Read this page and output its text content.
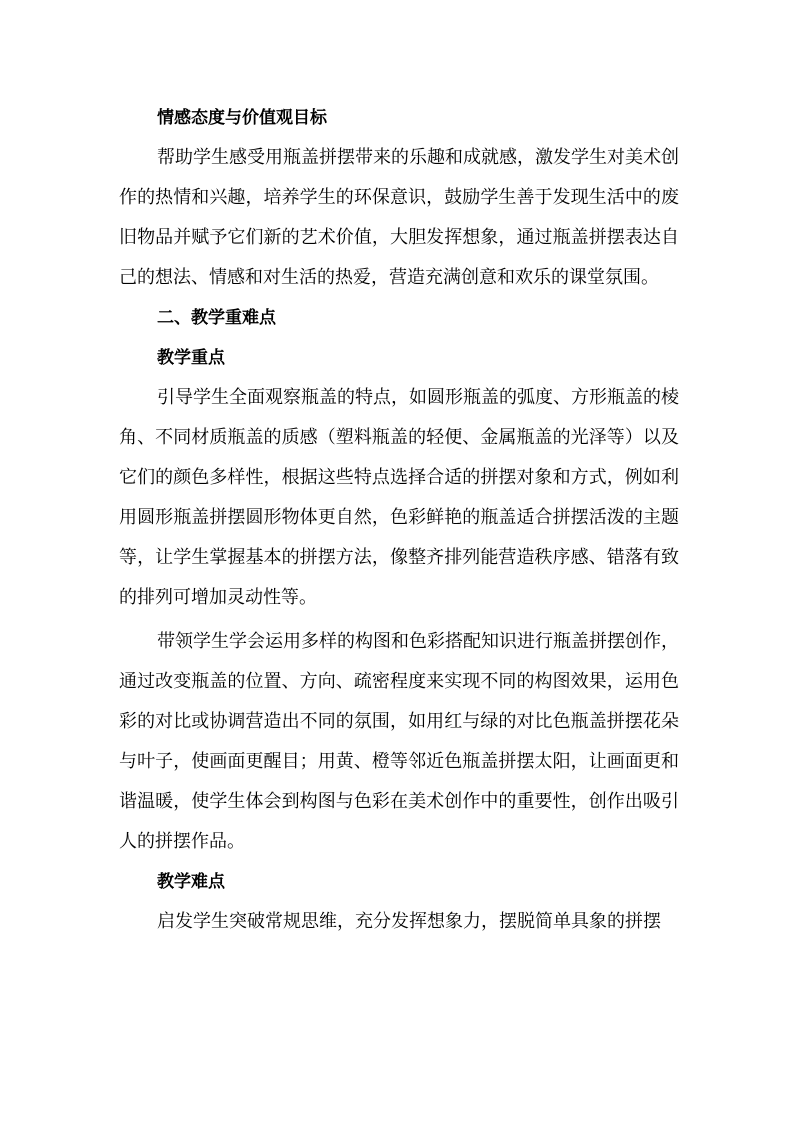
情感态度与价值观目标

帮助学生感受用瓶盖拼摆带来的乐趣和成就感，激发学生对美术创作的热情和兴趣，培养学生的环保意识，鼓励学生善于发现生活中的废旧物品并赋予它们新的艺术价值，大胆发挥想象，通过瓶盖拼摆表达自己的想法、情感和对生活的热爱，营造充满创意和欢乐的课堂氛围。

二、教学重难点
教学重点

引导学生全面观察瓶盖的特点，如圆形瓶盖的弧度、方形瓶盖的棱角、不同材质瓶盖的质感（塑料瓶盖的轻便、金属瓶盖的光泽等）以及它们的颜色多样性，根据这些特点选择合适的拼摆对象和方式，例如利用圆形瓶盖拼摆圆形物体更自然，色彩鲜艳的瓶盖适合拼摆活泼的主题等，让学生掌握基本的拼摆方法，像整齐排列能营造秩序感、错落有致的排列可增加灵动性等。

带领学生学会运用多样的构图和色彩搭配知识进行瓶盖拼摆创作，通过改变瓶盖的位置、方向、疏密程度来实现不同的构图效果，运用色彩的对比或协调营造出不同的氛围，如用红与绿的对比色瓶盖拼摆花朵与叶子，使画面更醒目；用黄、橙等邻近色瓶盖拼摆太阳，让画面更和谐温暖，使学生体会到构图与色彩在美术创作中的重要性，创作出吸引人的拼摆作品。

教学难点

启发学生突破常规思维，充分发挥想象力，摆脱简单具象的拼摆
